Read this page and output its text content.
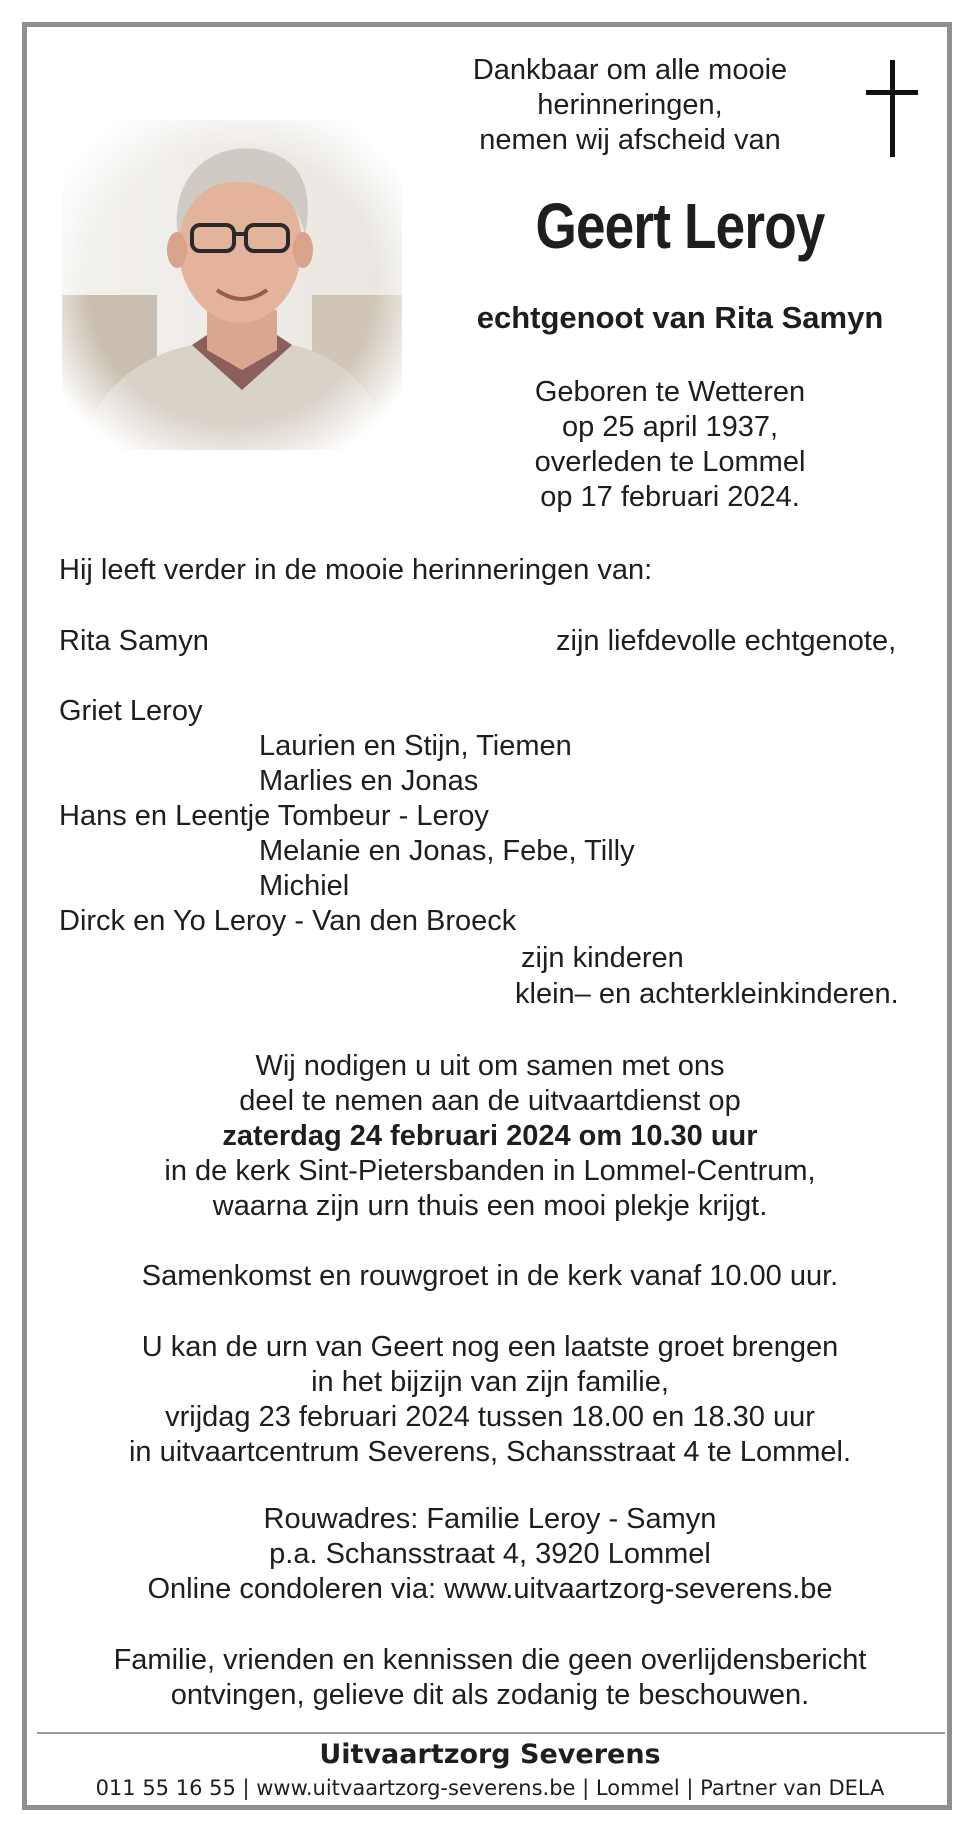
Dankbaar om alle mooie
herinneringen,
nemen wij afscheid van
Geert Leroy
echtgenoot van Rita Samyn
Geboren te Wetteren
op 25 april 1937,
overleden te Lommel
op 17 februari 2024.
Hij leeft verder in de mooie herinneringen van:
Rita Samyn	zijn liefdevolle echtgenote,
Griet Leroy
Laurien en Stijn, Tiemen
Marlies en Jonas
Hans en Leentje Tombeur - Leroy
Melanie en Jonas, Febe, Tilly
Michiel
Dirck en Yo Leroy - Van den Broeck
zijn kinderen
klein– en achterkleinkinderen.
Wij nodigen u uit om samen met ons
deel te nemen aan de uitvaartdienst op
zaterdag 24 februari 2024 om 10.30 uur
in de kerk Sint-Pietersbanden in Lommel-Centrum,
waarna zijn urn thuis een mooi plekje krijgt.
Samenkomst en rouwgroet in de kerk vanaf 10.00 uur.
U kan de urn van Geert nog een laatste groet brengen
in het bijzijn van zijn familie,
vrijdag 23 februari 2024 tussen 18.00 en 18.30 uur
in uitvaartcentrum Severens, Schansstraat 4 te Lommel.
Rouwadres: Familie Leroy - Samyn
p.a. Schansstraat 4, 3920 Lommel
Online condoleren via: www.uitvaartzorg-severens.be
Familie, vrienden en kennissen die geen overlijdensbericht
ontvingen, gelieve dit als zodanig te beschouwen.
Uitvaartzorg Severens
011 55 16 55 | www.uitvaartzorg-severens.be | Lommel | Partner van DELA
